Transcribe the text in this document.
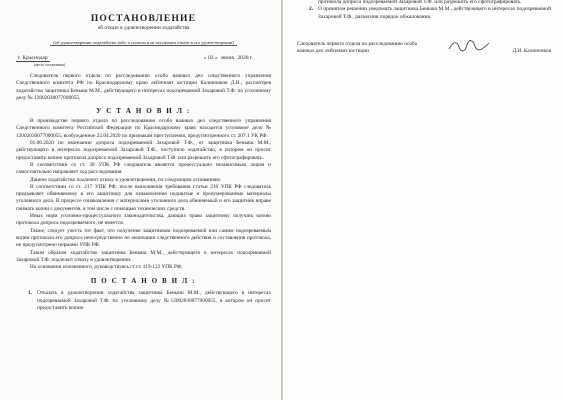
ПОСТАНОВЛЕНИЕ
об отказе в удовлетворении ходатайства
(об удовлетворении ходатайства либо о полном или частичном отказе в его удовлетворении)
г. Краснодар
(место составления)
« 03 » июня 2020 г.

Следователь первого отдела по расследованию особо важных дел следственного управления Следственного комитета РФ по Краснодарскому краю лейтенант юстиции Калинчиков Д.И., рассмотрев ходатайство защитника Беньяш М.М., действующего в интересах подозреваемой Захаровой Т.Ф. по уголовному делу № 12002030077000055,

У С Т А Н О В И Л :

В производстве первого отдела по расследованию особо важных дел следственного управления Следственного комитета Российской Федерации по Краснодарскому краю находится уголовное дело № 12002030077000055, возбужденное 22.04.2020 по признакам преступления, предусмотренного ст. 207.1 УК РФ.

01.06.2020 по окончании допроса подозреваемой Захаровой Т.Ф., от защитника Беньяш М.М., действующего в интересах подозреваемой Захаровой Т.Ф., поступило ходатайство, в котором он просит предоставить копию протокола допроса подозреваемой Захаровой Т.Ф. или разрешить его сфотографировать.

В соответствии со ст. 38 УПК РФ следователь является процессуально независимым лицом и самостоятельно направляет ход расследования.

Данное ходатайство подлежит отказу в удовлетворении, по следующим основаниям.

В соответствии со ст. 217 УПК РФ, после выполнения требования статьи 216 УПК РФ следователь предъявляет обвиняемому и его защитнику для ознакомления подшитые и пронумерованные материалы уголовного дела. В процессе ознакомления с материалами уголовного дела обвиняемый и его защитник вправе снимать копии с документов, в том числе с помощью технических средств.

Иных норм уголовно-процессуального законодательства, дающих право защитнику получать копию протокола допроса подозреваемого, не имеется.

Также, следует учесть тот факт, что получение защитником подозреваемой или самим подозреваемым копии протокола его допроса непосредственно по окончании следственного действия и составления протокола, не предусмотрено нормами УПК РФ.

Таким образом ходатайство защитника Беньяш М.М., действующего в интересах подозреваемой Захаровой Т.Ф. подлежит отказу в удовлетворении.

На основании изложенного, руководствуясь ст.ст. 119-122 УПК РФ,

П О С Т А Н О В И Л :
1. Отказать в удовлетворении ходатайства защитника Беньяш М.М., действующего в интересах подозреваемой Захаровой Т.Ф. по уголовному делу №12002030077000055, в котором он просит предоставить копию
протокола допроса подозреваемой Захаровой Т.Ф. или разрешить его сфотографировать.
2. О принятом решении уведомить защитника Беньяш М.М., действующего в интересах подозреваемой Захаровой Т.Ф., разъяснив порядок обжалования.
Следователь первого отдела по расследованию особо важных дел лейтенант юстиции	Д.И. Калинчиков
